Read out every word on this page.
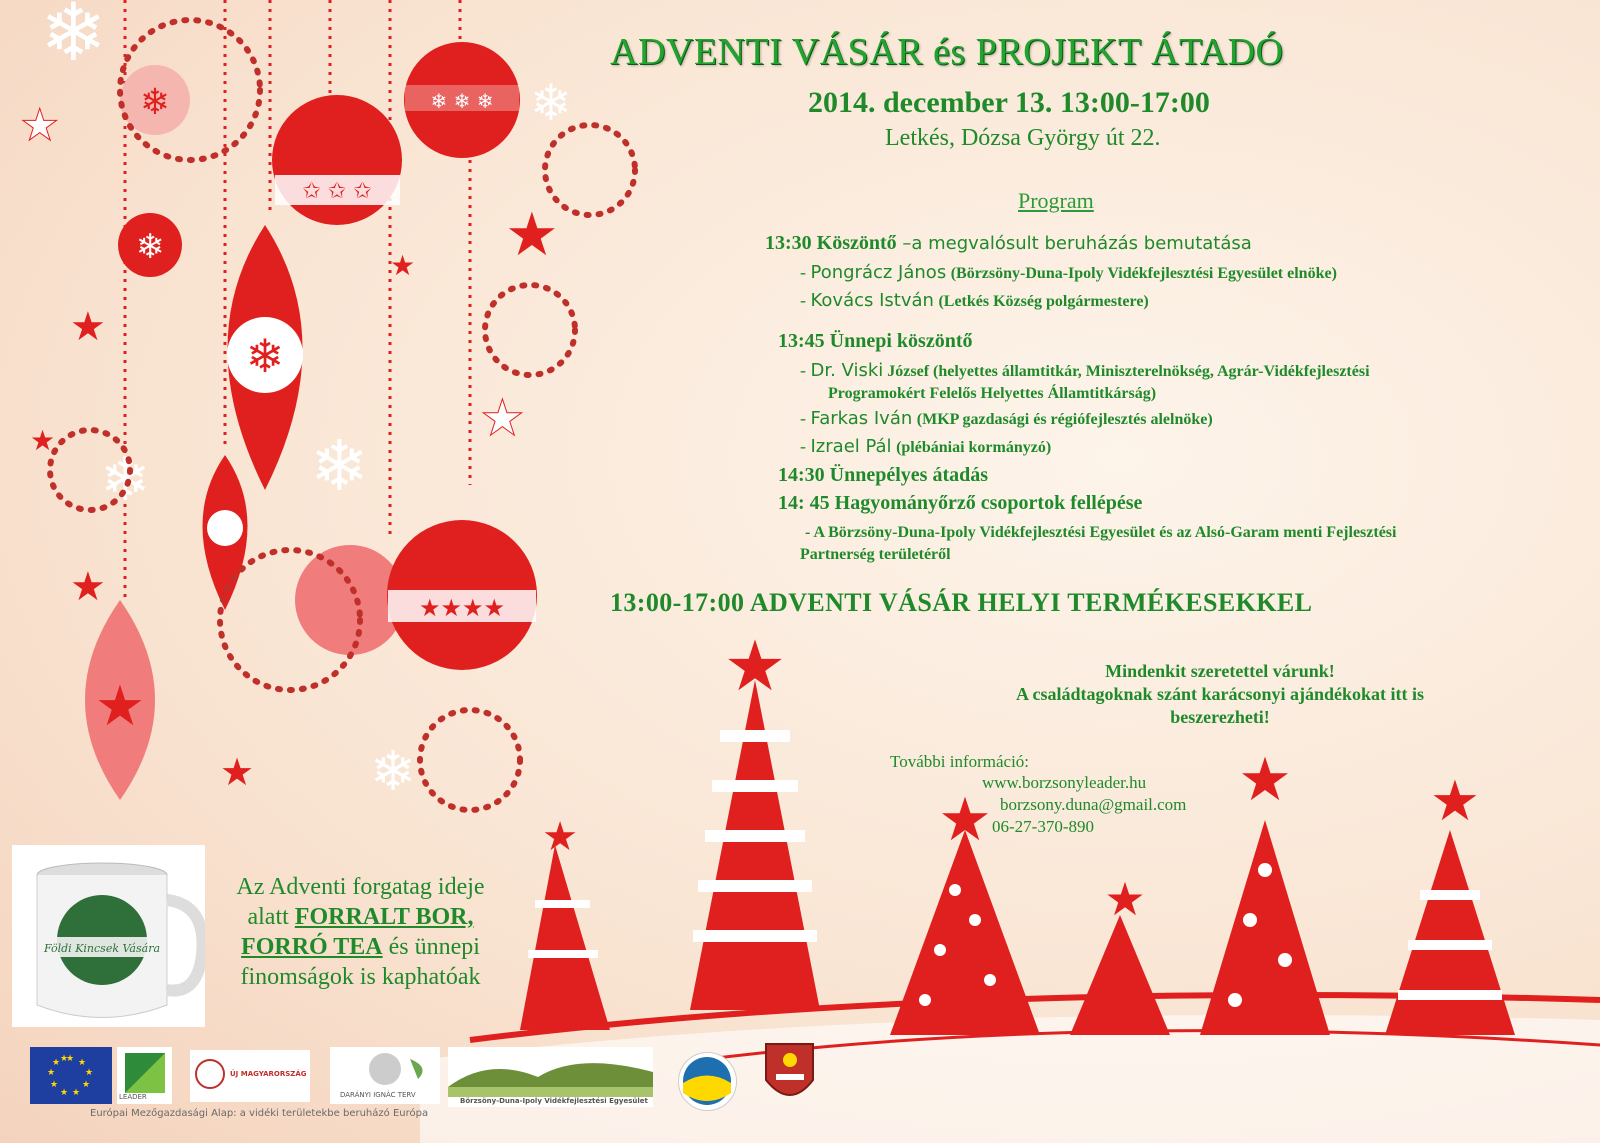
✩ ✩ ✩
❄ ❄ ❄
❄
★
★★★★
❄
❄
❄
❄
❄
❄
❄
★
★
★
★
★
★
★
★
★
★	★
★
★ ★
ADVENTI VÁSÁR és PROJEKT ÁTADÓ
2014. december 13. 13:00-17:00
Letkés, Dózsa György út 22.
Program
13:30 Köszöntő –a megvalósult beruházás bemutatása
- Pongrácz János (Börzsöny-Duna-Ipoly Vidékfejlesztési Egyesület elnöke)
- Kovács István (Letkés Község polgármestere)
13:45 Ünnepi köszöntő
- Dr. Viski József (helyettes államtitkár, Miniszterelnökség, Agrár-Vidékfejlesztési
Programokért Felelős Helyettes Államtitkárság)
- Farkas Iván (MKP gazdasági és régiófejlesztés alelnöke)
- Izrael Pál (plébániai kormányzó)
14:30 Ünnepélyes átadás
14: 45 Hagyományőrző csoportok fellépése
- A Börzsöny-Duna-Ipoly Vidékfejlesztési Egyesület és az Alsó-Garam menti Fejlesztési
Partnerség területéről
13:00-17:00 ADVENTI VÁSÁR HELYI TERMÉKESEKKEL
Mindenkit szeretettel várunk!
A családtagoknak szánt karácsonyi ajándékokat itt is
beszerezheti!
További információ:
www.borzsonyleader.hu
borzsony.duna@gmail.com
06-27-370-890
Földi Kincsek Vására
Az Adventi forgatag ideje
alatt FORRALT BOR,
FORRÓ TEA és ünnepi
finomságok is kaphatóak
★ ★
★
★
★
★
★
★
★ ★
LEADER
ÚJ MAGYARORSZÁG
DARÁNYI IGNÁC TERV
Börzsöny-Duna-Ipoly Vidékfejlesztési Egyesület
Európai Mezőgazdasági Alap: a vidéki területekbe beruházó Európa
